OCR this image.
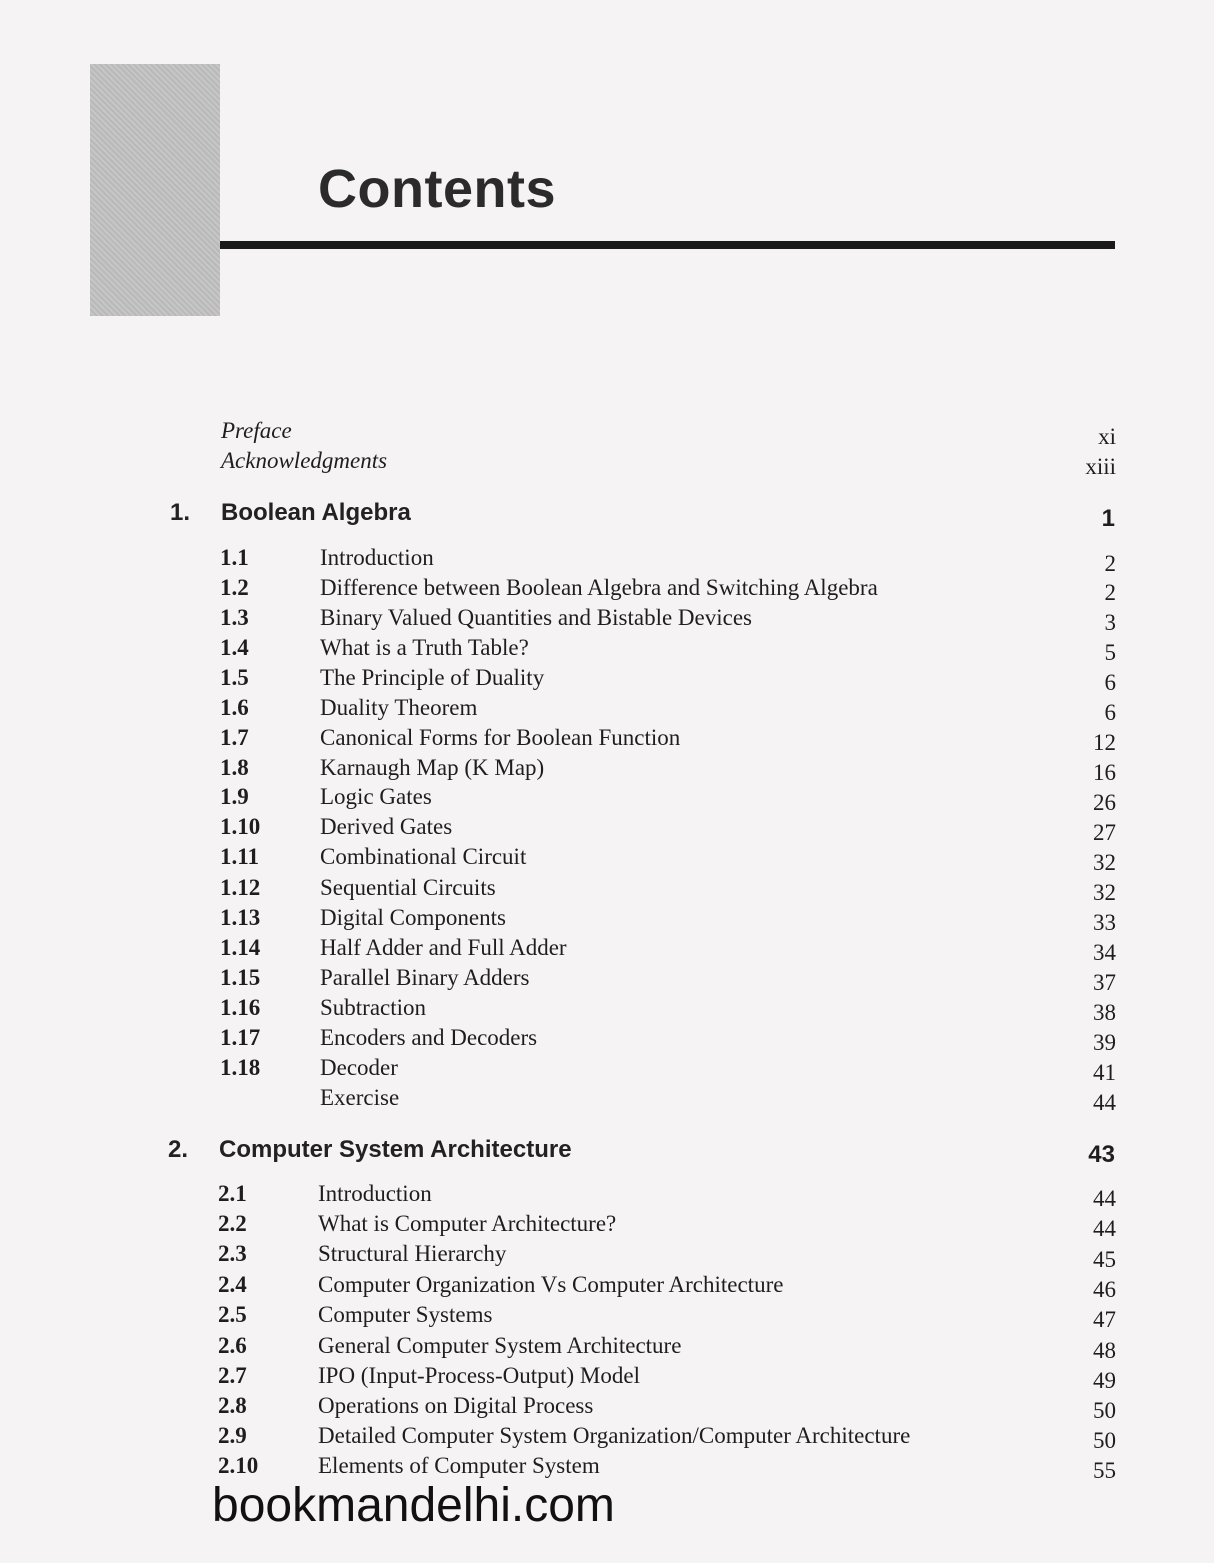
Contents
Preface	xi
Acknowledgments	xiii
1. Boolean Algebra	1
1.1	Introduction	2
1.2	Difference between Boolean Algebra and Switching Algebra	2
1.3	Binary Valued Quantities and Bistable Devices	3
1.4	What is a Truth Table?	5
1.5	The Principle of Duality	6
1.6	Duality Theorem	6
1.7	Canonical Forms for Boolean Function	12
1.8	Karnaugh Map (K Map)	16
1.9	Logic Gates	26
1.10	Derived Gates	27
1.11	Combinational Circuit	32
1.12	Sequential Circuits	32
1.13	Digital Components	33
1.14	Half Adder and Full Adder	34
1.15	Parallel Binary Adders	37
1.16	Subtraction	38
1.17	Encoders and Decoders	39
1.18	Decoder	41
Exercise	44
2. Computer System Architecture	43
2.1	Introduction	44
2.2	What is Computer Architecture?	44
2.3	Structural Hierarchy	45
2.4	Computer Organization Vs Computer Architecture	46
2.5	Computer Systems	47
2.6	General Computer System Architecture	48
2.7	IPO (Input-Process-Output) Model	49
2.8	Operations on Digital Process	50
2.9	Detailed Computer System Organization/Computer Architecture	50
2.10	Elements of Computer System	55
bookmandelhi.com
